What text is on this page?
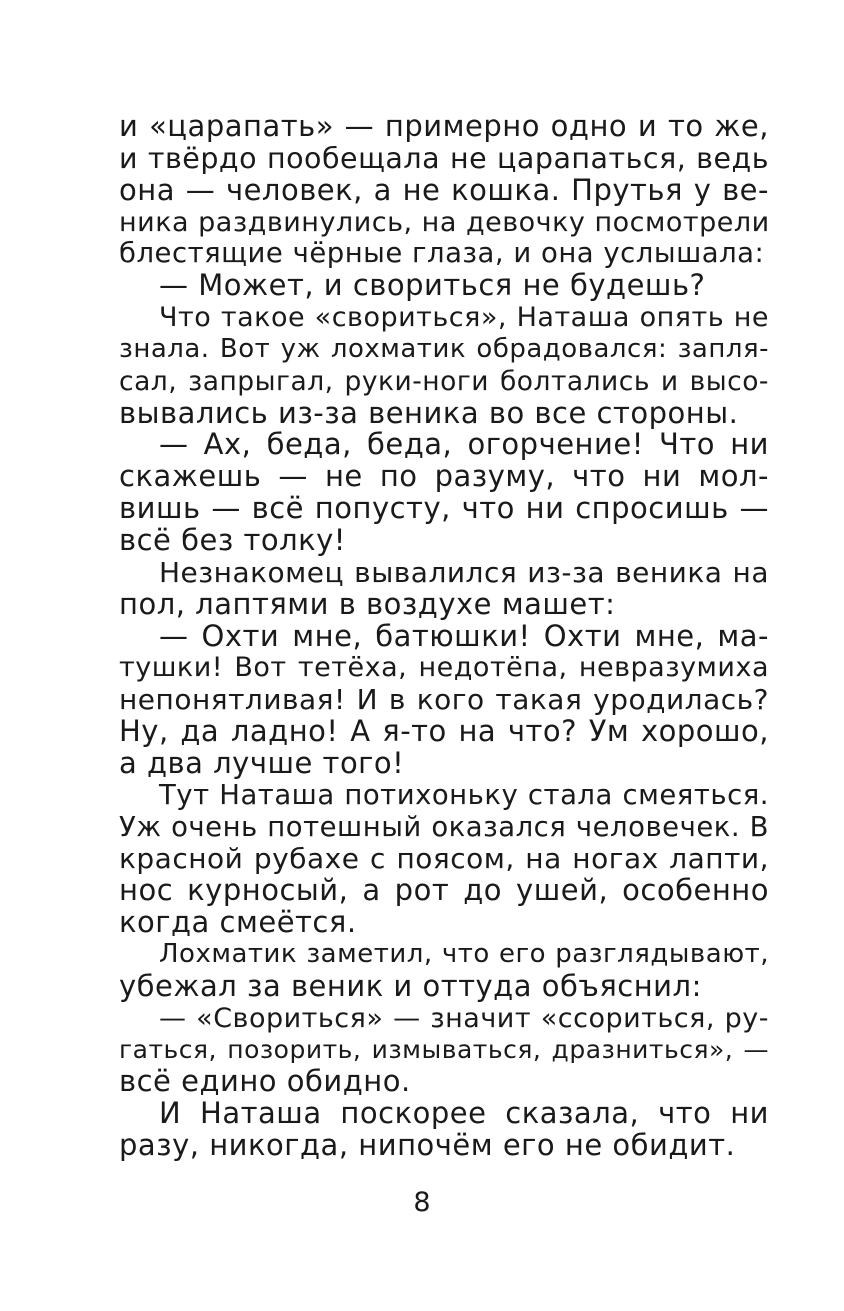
и «царапать» — примерно одно и то же,
и твёрдо пообещала не царапаться, ведь
она — человек, а не кошка. Прутья у ве-
ника раздвинулись, на девочку посмотрели
блестящие чёрные глаза, и она услышала:
— Может, и свориться не будешь?
Что такое «свориться», Наташа опять не
знала. Вот уж лохматик обрадовался: запля-
сал, запрыгал, руки-ноги болтались и высо-
вывались из-за веника во все стороны.
— Ах, беда, беда, огорчение! Что ни
скажешь — не по разуму, что ни мол-
вишь — всё попусту, что ни спросишь —
всё без толку!
Незнакомец вывалился из-за веника на
пол, лаптями в воздухе машет:
— Охти мне, батюшки! Охти мне, ма-
тушки! Вот тетёха, недотёпа, невразумиха
непонятливая! И в кого такая уродилась?
Ну, да ладно! А я-то на что? Ум хорошо,
а два лучше того!
Тут Наташа потихоньку стала смеяться.
Уж очень потешный оказался человечек. В
красной рубахе с поясом, на ногах лапти,
нос курносый, а рот до ушей, особенно
когда смеётся.
Лохматик заметил, что его разглядывают,
убежал за веник и оттуда объяснил:
— «Свориться» — значит «ссориться, ру-
гаться, позорить, измываться, дразниться», —
всё едино обидно.
И Наташа поскорее сказала, что ни
разу, никогда, нипочём его не обидит.
8
